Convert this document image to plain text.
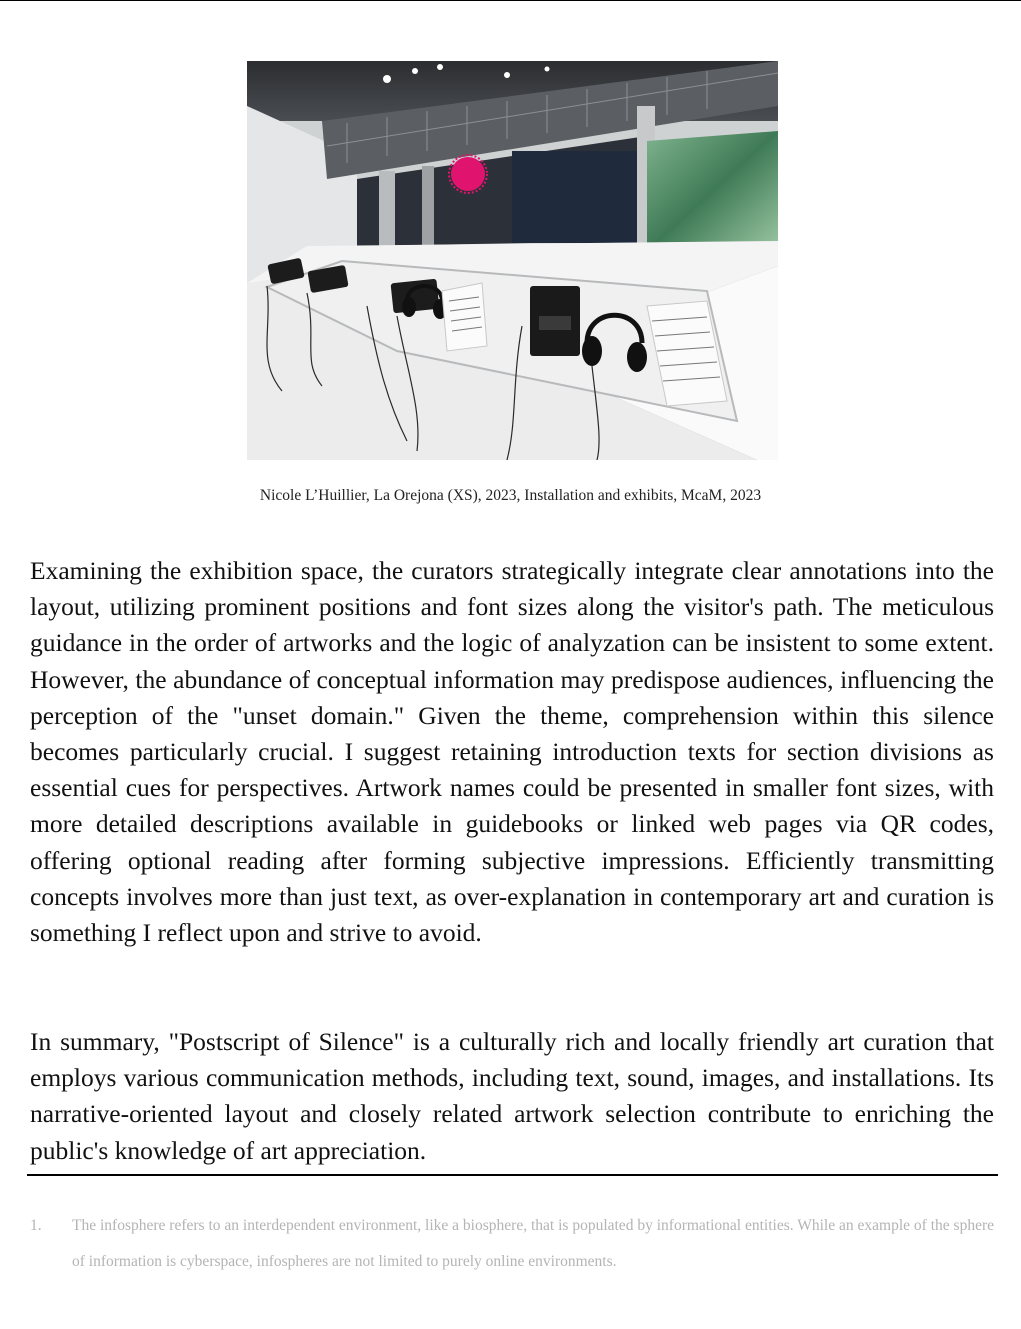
Nicole L’Huillier, La Orejona (XS), 2023, Installation and exhibits, McaM, 2023

Examining the exhibition space, the curators strategically integrate clear annotations into the layout, utilizing prominent positions and font sizes along the visitor's path. The meticulous guidance in the order of artworks and the logic of analyzation can be insistent to some extent. However, the abundance of conceptual information may predispose audiences, influencing the perception of the "unset domain." Given the theme, comprehension within this silence becomes particularly crucial. I suggest retaining introduction texts for section divisions as essential cues for perspectives. Artwork names could be presented in smaller font sizes, with more detailed descriptions available in guidebooks or linked web pages via QR codes, offering optional reading after forming subjective impressions. Efficiently transmitting concepts involves more than just text, as over-explanation in contemporary art and curation is something I reflect upon and strive to avoid.

In summary, "Postscript of Silence" is a culturally rich and locally friendly art curation that employs various communication methods, including text, sound, images, and installations. Its narrative-oriented layout and closely related artwork selection contribute to enriching the public's knowledge of art appreciation.

1. The infosphere refers to an interdependent environment, like a biosphere, that is populated by informational entities. While an example of the sphere of information is cyberspace, infospheres are not limited to purely online environments.
